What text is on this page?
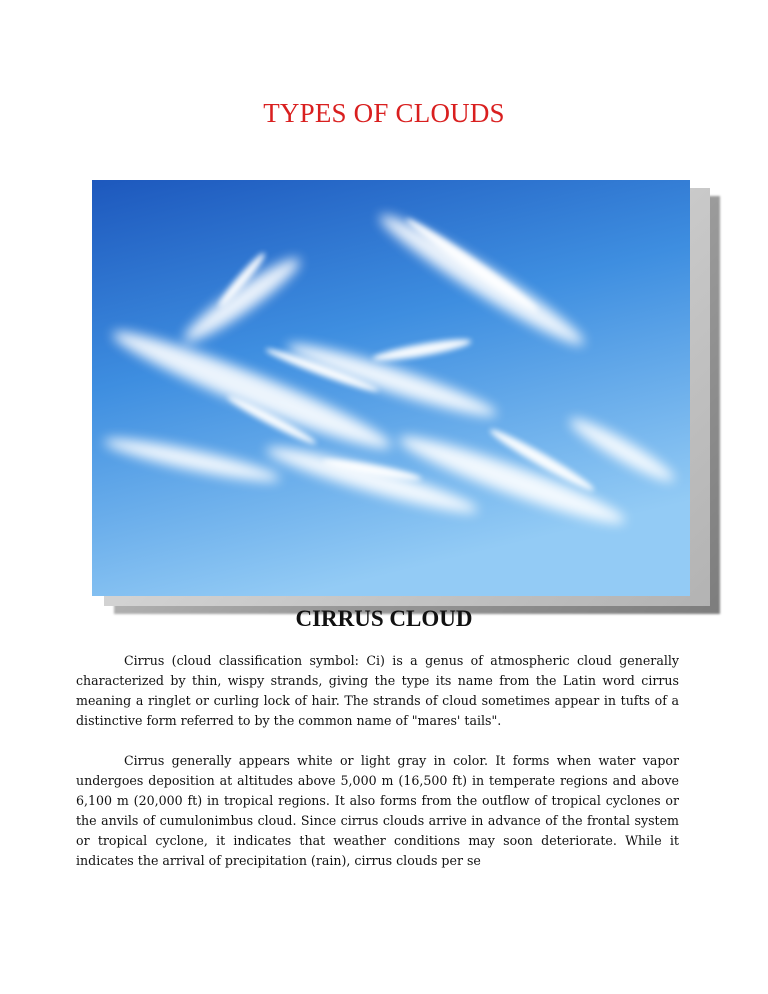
TYPES OF CLOUDS
CIRRUS CLOUD

Cirrus (cloud classification symbol: Ci) is a genus of atmospheric cloud generally characterized by thin, wispy strands, giving the type its name from the Latin word cirrus meaning a ringlet or curling lock of hair. The strands of cloud sometimes appear in tufts of a distinctive form referred to by the common name of "mares' tails".

Cirrus generally appears white or light gray in color. It forms when water vapor undergoes deposition at altitudes above 5,000 m (16,500 ft) in temperate regions and above 6,100 m (20,000 ft) in tropical regions. It also forms from the outflow of tropical cyclones or the anvils of cumulonimbus cloud. Since cirrus clouds arrive in advance of the frontal system or tropical cyclone, it indicates that weather conditions may soon deteriorate. While it indicates the arrival of precipitation (rain), cirrus clouds per se
